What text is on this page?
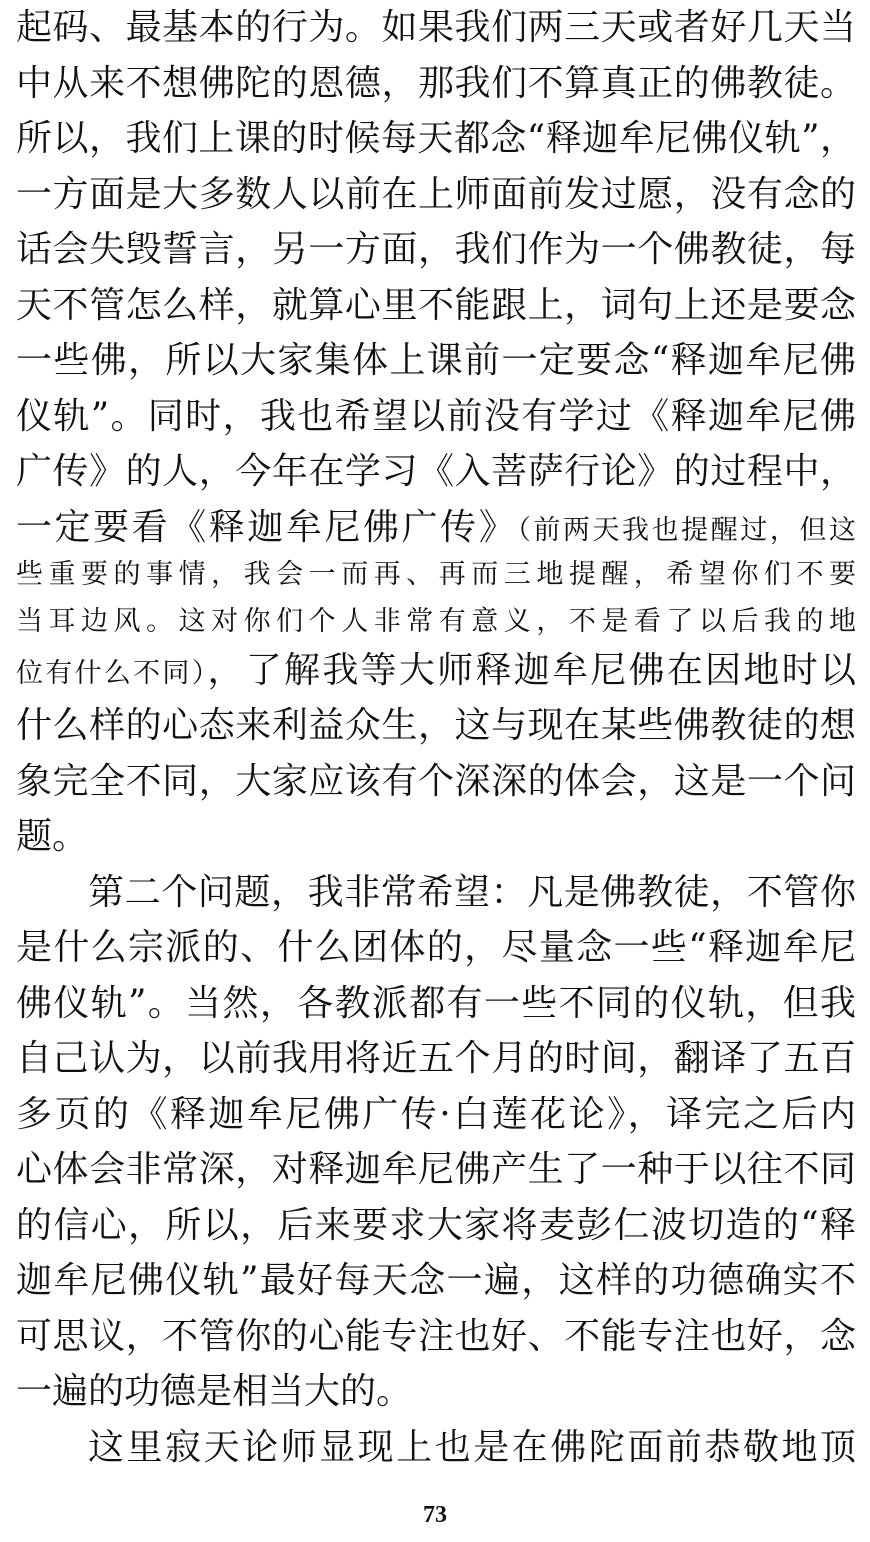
起码、最基本的行为。如果我们两三天或者好几天当
中从来不想佛陀的恩德，那我们不算真正的佛教徒。
所以，我们上课的时候每天都念“释迦牟尼佛仪轨”，
一方面是大多数人以前在上师面前发过愿，没有念的
话会失毁誓言，另一方面，我们作为一个佛教徒，每
天不管怎么样，就算心里不能跟上，词句上还是要念
一些佛，所以大家集体上课前一定要念“释迦牟尼佛
仪轨”。同时，我也希望以前没有学过《释迦牟尼佛
广传》的人，今年在学习《入菩萨行论》的过程中，
一定要看《释迦牟尼佛广传》（前两天我也提醒过，但这
些重要的事情，我会一而再、再而三地提醒，希望你们不要
当耳边风。这对你们个人非常有意义，不是看了以后我的地
位有什么不同），了解我等大师释迦牟尼佛在因地时以
什么样的心态来利益众生，这与现在某些佛教徒的想
象完全不同，大家应该有个深深的体会，这是一个问
题。
第二个问题，我非常希望：凡是佛教徒，不管你
是什么宗派的、什么团体的，尽量念一些“释迦牟尼
佛仪轨”。当然，各教派都有一些不同的仪轨，但我
自己认为，以前我用将近五个月的时间，翻译了五百
多页的《释迦牟尼佛广传·白莲花论》，译完之后内
心体会非常深，对释迦牟尼佛产生了一种于以往不同
的信心，所以，后来要求大家将麦彭仁波切造的“释
迦牟尼佛仪轨”最好每天念一遍，这样的功德确实不
可思议，不管你的心能专注也好、不能专注也好，念
一遍的功德是相当大的。
这里寂天论师显现上也是在佛陀面前恭敬地顶
73
